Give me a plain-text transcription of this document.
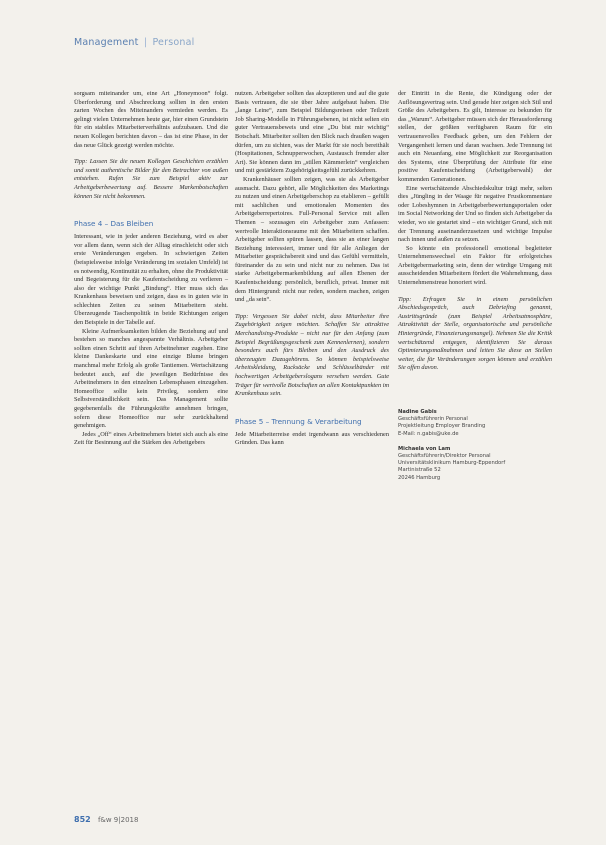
Management | Personal

sorgsam miteinander um, eine Art „Honeymoon“ folgt. Überforderung und Abschreckung sollten in den ersten zarten Wochen des Miteinanders vermieden werden. Es gelingt vielen Unternehmen heute gar, hier einen Grundstein für ein stabiles Mitarbeiterverhältnis aufzubauen. Und die neuen Kollegen berichten davon – das ist eine Phase, in der das neue Glück gezeigt werden möchte.

Tipp: Lassen Sie die neuen Kollegen Geschichten erzählen und somit authentische Bilder für den Betrachter von außen entstehen. Rufen Sie zum Beispiel aktiv zur Arbeitgeberbewertung auf. Bessere Markenbotschaften können Sie nicht bekommen.

Phase 4 – Das Bleiben

Interessant, wie in jeder anderen Beziehung, wird es aber vor allem dann, wenn sich der Alltag einschleicht oder sich erste Veränderungen ergeben. In schwierigen Zeiten (beispielsweise infolge Veränderung im sozialen Umfeld) ist es notwendig, Kontinuität zu erhalten, ohne die Produktivität und Begeisterung für die Kaufentscheidung zu verlieren – also der wichtige Punkt „Bindung“. Hier muss sich das Krankenhaus beweisen und zeigen, dass es in guten wie in schlechten Zeiten zu seinen Mitarbeitern steht. Überzeugende Taschenpolitik in beide Richtungen zeigen den Beispiele in der Tabelle auf.

Kleine Aufmerksamkeiten bilden die Beziehung auf und bestehen so manches angespannte Verhältnis. Arbeitgeber sollten einen Schritt auf ihren Arbeitnehmer zugehen. Eine kleine Dankeskarte und eine einzige Blume bringen manchmal mehr Erfolg als große Tantiemen. Wertschätzung bedeutet auch, auf die jeweiligen Bedürfnisse des Arbeitnehmers in den einzelnen Lebensphasen einzugehen. Homeoffice sollte kein Privileg, sondern eine Selbstverständlichkeit sein. Das Management sollte gegebenenfalls die Führungskräfte annehmen bringen, sofern diese Homeoffice nur sehr zurückhaltend genehmigen.

Jedes „Off“ eines Arbeitnehmers bietet sich auch als eine Zeit für Besinnung auf die Stärken des Arbeitgebers

nutzen. Arbeitgeber sollten das akzeptieren und auf die gute Basis vertrauen, die sie über Jahre aufgebaut haben. Die „lange Leine“, zum Beispiel Bildungsreisen oder Teilzeit Job Sharing-Modelle in Führungsebenen, ist nicht selten ein guter Vertrauensbeweis und eine „Du bist mir wichtig“ Botschaft. Mitarbeiter sollten den Blick nach draußen wagen dürfen, um zu sichten, was der Markt für sie noch bereithält (Hospitationen, Schnupperwochen, Austausch fremder alter Art). Sie können dann im „stillen Kämmerlein“ vergleichen und mit gestärktem Zugehörigkeitsgefühl zurückkehren.

Krankenhäuser sollten zeigen, was sie als Arbeitgeber ausmacht. Dazu gehört, alle Möglichkeiten des Marketings zu nutzen und einen Arbeitgeberschop zu etablieren – gefüllt mit sachlichen und emotionalen Momenten des Arbeitgeberrepertoires. Full-Personal Service mit allen Themen – sozusagen ein Arbeitgeber zum Anfassen: wertvolle Interaktionsraume mit den Mitarbeitern schaffen. Arbeitgeber sollten spüren lassen, dass sie an einer langen Beziehung interessiert, immer und für alle Anliegen der Mitarbeiter gesprächsbereit sind und das Gefühl vermitteln, füreinander da zu sein und nicht nur zu nehmen. Das ist starke Arbeitgebermarkenbildung auf allen Ebenen der Kaufentscheidung: persönlich, beruflich, privat. Immer mit dem Hintergrund: nicht nur reden, sondern machen, zeigen und „da sein“.

Tipp: Vergessen Sie dabei nicht, dass Mitarbeiter ihre Zugehörigkeit zeigen möchten. Schaffen Sie attraktive Merchandising-Produkte – nicht nur für den Anfang (zum Beispiel Begrüßungsgeschenk zum Kennenlernen), sondern besonders auch fürs Bleiben und den Ausdruck des überzeugten Dazugehörens. So können beispielsweise Arbeitskleidung, Rucksäcke und Schlüsselbänder mit hochwertigen Arbeitgeberslogans versehen werden. Gute Träger für wertvolle Botschaften an allen Kontaktpunkten im Krankenhaus sein.

Phase 5 – Trennung & Verarbeitung

Jede Mitarbeiterreise endet irgendwann aus verschiedenen Gründen. Das kann

der Eintritt in die Rente, die Kündigung oder der Auflösungsvertrag sein. Und gerade hier zeigen sich Stil und Größe des Arbeitgebers. Es gilt, Interesse zu bekunden für das „Warum“. Arbeitgeber müssen sich der Herausforderung stellen, der größten verfügbaren Raum für ein vertrauensvolles Feedback geben, um den Fehlern der Vergangenheit lernen und daran wachsen. Jede Trennung ist auch ein Neuanfang, eine Möglichkeit zur Reorganisation des Systems, eine Überprüfung der Attribute für eine positive Kaufentscheidung (Arbeitgeberwahl) der kommenden Generationen.

Eine wertschätzende Abschiedskultur trägt mehr, selten dies „Jüngling in der Waage für negative Frustkommentare oder Lobeshymnen in Arbeitgeberbewertungsportalen oder im Social Networking der Und so finden sich Arbeitgeber da wieder, wo sie gestartet sind – ein wichtiger Grund, sich mit der Trennung auseinanderzusetzen und wichtige Impulse nach innen und außen zu setzen.

So könnte ein professionell emotional begleiteter Unternehmenswechsel ein Faktor für erfolgreiches Arbeitgebermarketing sein, denn der würdige Umgang mit ausscheidenden Mitarbeitern fördert die Wahrnehmung, dass Unternehmenstreue honoriert wird.

Tipp: Erfragen Sie in einem persönlichen Abschiedsgespräch, auch Debriefing genannt, Austrittsgründe (zum Beispiel Arbeitsatmosphäre, Attraktivität der Stelle, organisatorische und persönliche Hintergründe, Finanzierungsmangel). Nehmen Sie die Kritik wertschätzend entgegen, identifizieren Sie daraus Optimierungsmaßnahmen und leiten Sie diese an Stellen weiter, die für Veränderungen sorgen können und erzählen Sie offen davon.

Nadine Gabis
Geschäftsführerin Personal
Projektleitung Employer Branding
E-Mail: n.gabis@uke.de
Michaela von Lam
Geschäftsführerin/Direktor Personal
Universitätsklinikum Hamburg-Eppendorf
Martinistraße 52
20246 Hamburg
852 f&w 9|2018
